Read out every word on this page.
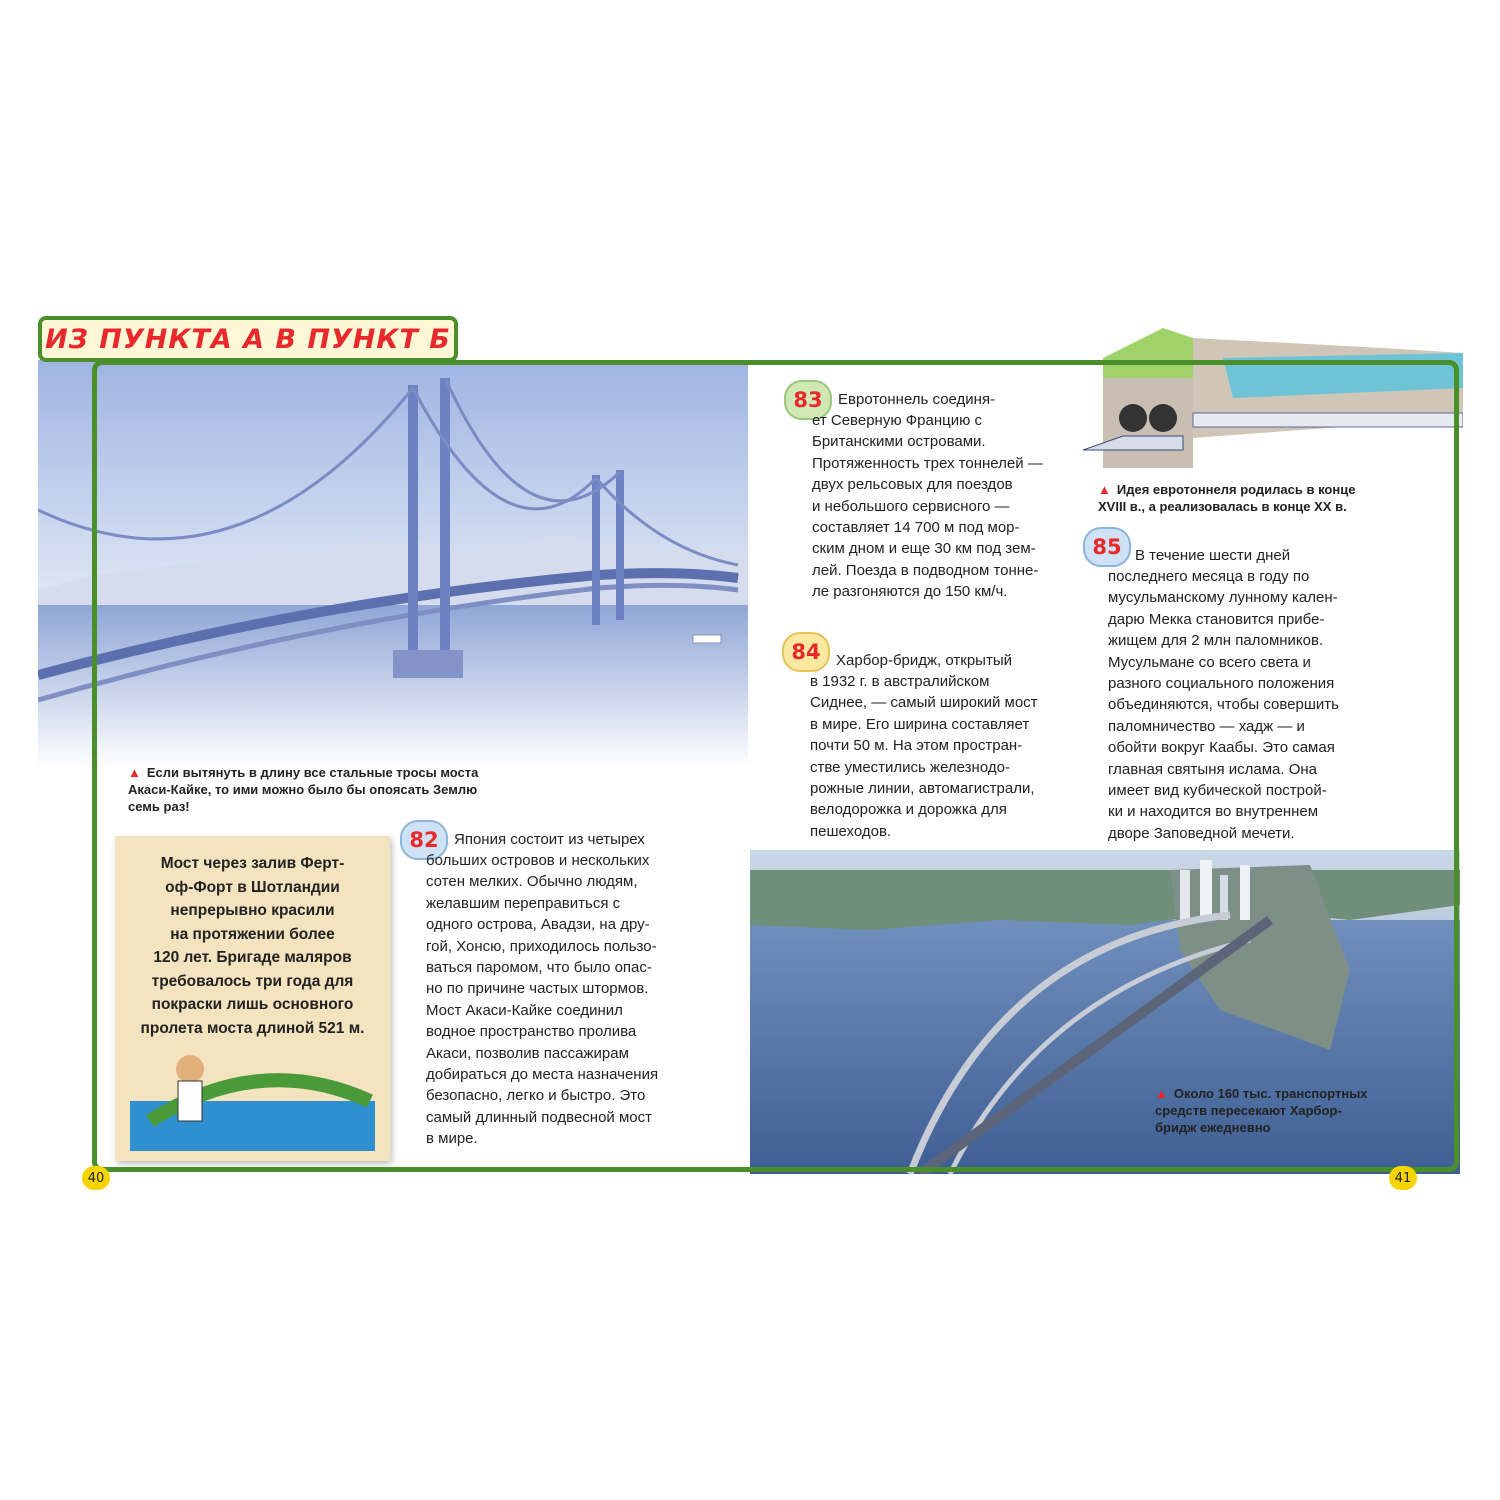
ИЗ ПУНКТА А В ПУНКТ Б
▲ Если вытянуть в длину все стальные тросы моста
Акаси-Кайке, то ими можно было бы опоясать Землю
семь раз!
▲ Идея евротоннеля родилась в конце
XVIII в., а реализовалась в конце XX в.
▲ Около 160 тыс. транспортных
средств пересекают Харбор-
бридж ежедневно
Мост через залив Ферт-
оф-Форт в Шотландии
непрерывно красили
на протяжении более
120 лет. Бригаде маляров
требовалось три года для
покраски лишь основного
пролета моста длиной 521 м.
82 Япония состоит из четырех
больших островов и нескольких
сотен мелких. Обычно людям,
желавшим переправиться с
одного острова, Авадзи, на дру-
гой, Хонсю, приходилось пользо-
ваться паромом, что было опас-
но по причине частых штормов.
Мост Акаси-Кайке соединил
водное пространство пролива
Акаси, позволив пассажирам
добираться до места назначения
безопасно, легко и быстро. Это
самый длинный подвесной мост
в мире.
83 Евротоннель соединя-
ет Северную Францию с
Британскими островами.
Протяженность трех тоннелей —
двух рельсовых для поездов
и небольшого сервисного —
составляет 14 700 м под мор-
ским дном и еще 30 км под зем-
лей. Поезда в подводном тонне-
ле разгоняются до 150 км/ч.
84 Харбор-бридж, открытый
в 1932 г. в австралийском
Сиднее, — самый широкий мост
в мире. Его ширина составляет
почти 50 м. На этом простран-
стве уместились железнодо-
рожные линии, автомагистрали,
велодорожка и дорожка для
пешеходов.
85 В течение шести дней
последнего месяца в году по
мусульманскому лунному кален-
дарю Мекка становится прибе-
жищем для 2 млн паломников.
Мусульмане со всего света и
разного социального положения
объединяются, чтобы совершить
паломничество — хадж — и
обойти вокруг Каабы. Это самая
главная святыня ислама. Она
имеет вид кубической построй-
ки и находится во внутреннем
дворе Заповедной мечети.
40	41
